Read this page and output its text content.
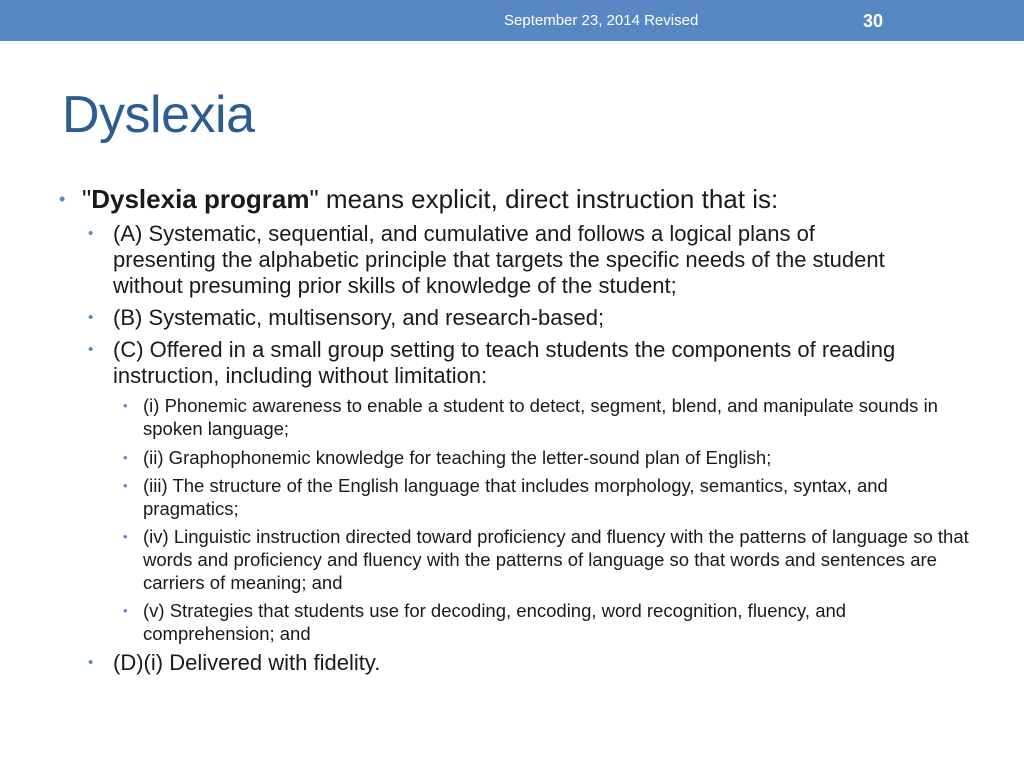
September 23, 2014 Revised	30
Dyslexia

• "Dyslexia program" means explicit, direct instruction that is:

• (A) Systematic, sequential, and cumulative and follows a logical plans of presenting the alphabetic principle that targets the specific needs of the student without presuming prior skills of knowledge of the student;

• (B) Systematic, multisensory, and research-based;

• (C) Offered in a small group setting to teach students the components of reading instruction, including without limitation:

• (i) Phonemic awareness to enable a student to detect, segment, blend, and manipulate sounds in spoken language;

• (ii) Graphophonemic knowledge for teaching the letter-sound plan of English;

• (iii) The structure of the English language that includes morphology, semantics, syntax, and pragmatics;

• (iv) Linguistic instruction directed toward proficiency and fluency with the patterns of language so that words and proficiency and fluency with the patterns of language so that words and sentences are carriers of meaning; and

• (v) Strategies that students use for decoding, encoding, word recognition, fluency, and comprehension; and

• (D)(i) Delivered with fidelity.
